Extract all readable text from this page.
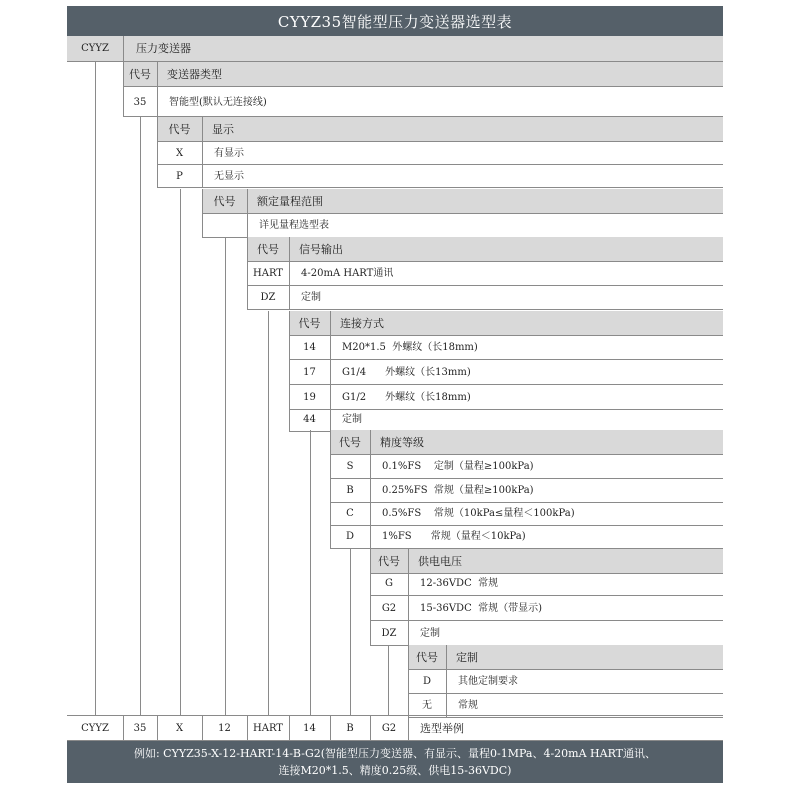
CYYZ35智能型压力变送器选型表
CYYZ	压力变送器
代号	变送器类型
35	智能型(默认无连接线)
代号	显示
X	有显示
P	无显示
代号	额定量程范围
详见量程选型表
代号	信号输出
HART	4-20mA HART通讯
DZ	定制
代号	连接方式
14	M20*1.5  外螺纹（长18mm)
17	G1/4      外螺纹（长13mm)
19	G1/2      外螺纹（长18mm)
44	定制
代号	精度等级
S	0.1%FS    定制（量程≥100kPa)
B	0.25%FS  常规（量程≥100kPa)
C	0.5%FS    常规（10kPa≤量程＜100kPa)
D	1%FS      常规（量程＜10kPa)
代号	供电电压
G	12-36VDC  常规
G2	15-36VDC  常规（带显示)
DZ	定制
代号	定制
D	其他定制要求
无	常规
CYYZ	35	X	12	HART	14	B	G2	选型举例
例如: CYYZ35-X-12-HART-14-B-G2(智能型压力变送器、有显示、量程0-1MPa、4-20mA HART通讯、
连接M20*1.5、精度0.25级、供电15-36VDC)
